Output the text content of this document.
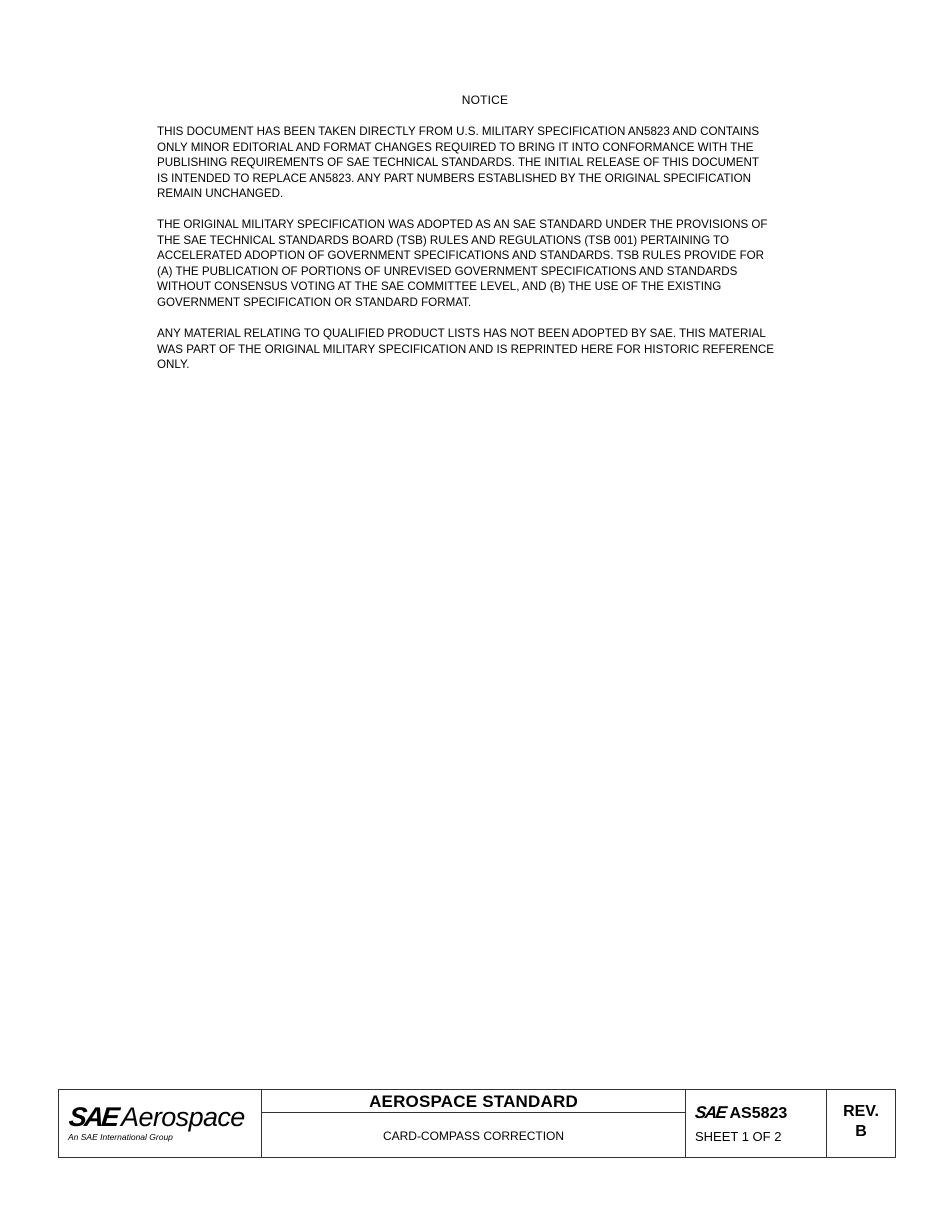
NOTICE
THIS DOCUMENT HAS BEEN TAKEN DIRECTLY FROM U.S. MILITARY SPECIFICATION AN5823 AND CONTAINS
ONLY MINOR EDITORIAL AND FORMAT CHANGES REQUIRED TO BRING IT INTO CONFORMANCE WITH THE
PUBLISHING REQUIREMENTS OF SAE TECHNICAL STANDARDS. THE INITIAL RELEASE OF THIS DOCUMENT
IS INTENDED TO REPLACE AN5823. ANY PART NUMBERS ESTABLISHED BY THE ORIGINAL SPECIFICATION
REMAIN UNCHANGED.
THE ORIGINAL MILITARY SPECIFICATION WAS ADOPTED AS AN SAE STANDARD UNDER THE PROVISIONS OF
THE SAE TECHNICAL STANDARDS BOARD (TSB) RULES AND REGULATIONS (TSB 001) PERTAINING TO
ACCELERATED ADOPTION OF GOVERNMENT SPECIFICATIONS AND STANDARDS. TSB RULES PROVIDE FOR
(A) THE PUBLICATION OF PORTIONS OF UNREVISED GOVERNMENT SPECIFICATIONS AND STANDARDS
WITHOUT CONSENSUS VOTING AT THE SAE COMMITTEE LEVEL, AND (B) THE USE OF THE EXISTING
GOVERNMENT SPECIFICATION OR STANDARD FORMAT.
ANY MATERIAL RELATING TO QUALIFIED PRODUCT LISTS HAS NOT BEEN ADOPTED BY SAE. THIS MATERIAL
WAS PART OF THE ORIGINAL MILITARY SPECIFICATION AND IS REPRINTED HERE FOR HISTORIC REFERENCE
ONLY.
SAE Aerospace
An SAE International Group
AEROSPACE STANDARD
CARD-COMPASS CORRECTION
SAE AS5823
SHEET 1 OF 2
REV.
B
